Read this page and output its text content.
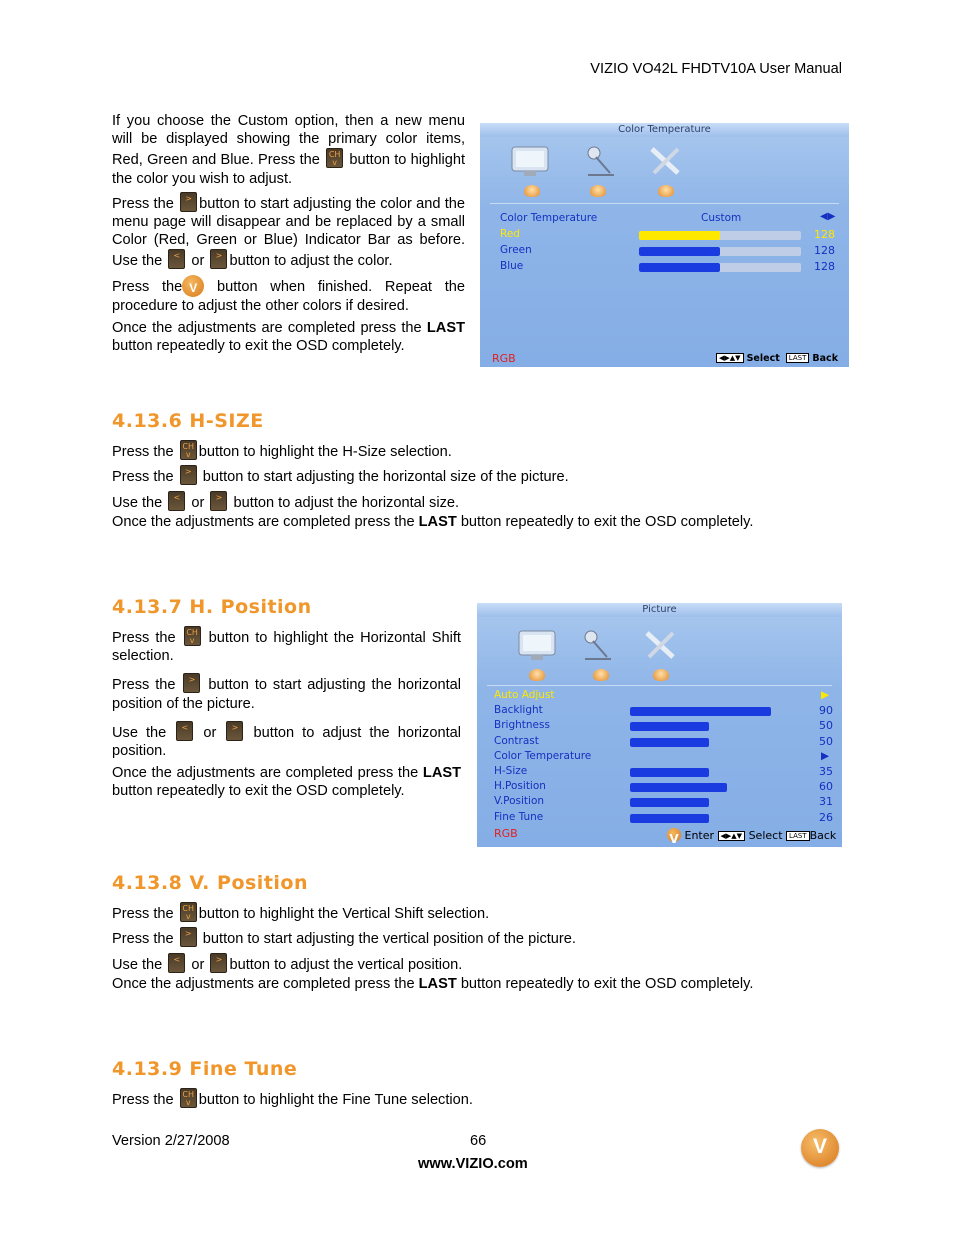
VIZIO VO42L FHDTV10A User Manual

If you choose the Custom option, then a new menu will be displayed showing the primary color items, Red, Green and Blue. Press the CH v button to highlight the color you wish to adjust.

Press the > button to start adjusting the color and the menu page will disappear and be replaced by a small Color (Red, Green or Blue) Indicator Bar as before. Use the < or > button to adjust the color.

Press the V button when finished. Repeat the procedure to adjust the other colors if desired.

Once the adjustments are completed press the LAST button repeatedly to exit the OSD completely.

Color Temperature
Color Temperature	Custom	◀▶
Red	128
Green	128
Blue	128
RGB	◀▶▲▼ Select LAST Back
4.13.6 H-SIZE
Press the CH v button to highlight the H-Size selection.
Press the > button to start adjusting the horizontal size of the picture.
Use the < or > button to adjust the horizontal size.
Once the adjustments are completed press the LAST button repeatedly to exit the OSD completely.
4.13.7 H. Position

Press the CH v button to highlight the Horizontal Shift selection.

Press the > button to start adjusting the horizontal position of the picture.

Use the <	or >	button to adjust the horizontal position.

Once the adjustments are completed press the LAST button repeatedly to exit the OSD completely.

Picture
Auto Adjust	▶
Backlight	90
Brightness	50
Contrast	50
Color Temperature	▶
H-Size	35
H.Position	60
V.Position	31
Fine Tune	26
RGB V	Enter ◀▶▲▼ Select LAST Back
4.13.8 V. Position
Press the CH v button to highlight the Vertical Shift selection.
Press the > button to start adjusting the vertical position of the picture.
Use the < or > button to adjust the vertical position.
Once the adjustments are completed press the LAST button repeatedly to exit the OSD completely.
4.13.9 Fine Tune
Press the CH v button to highlight the Fine Tune selection.
Version 2/27/2008	66
www.VIZIO.com
V
